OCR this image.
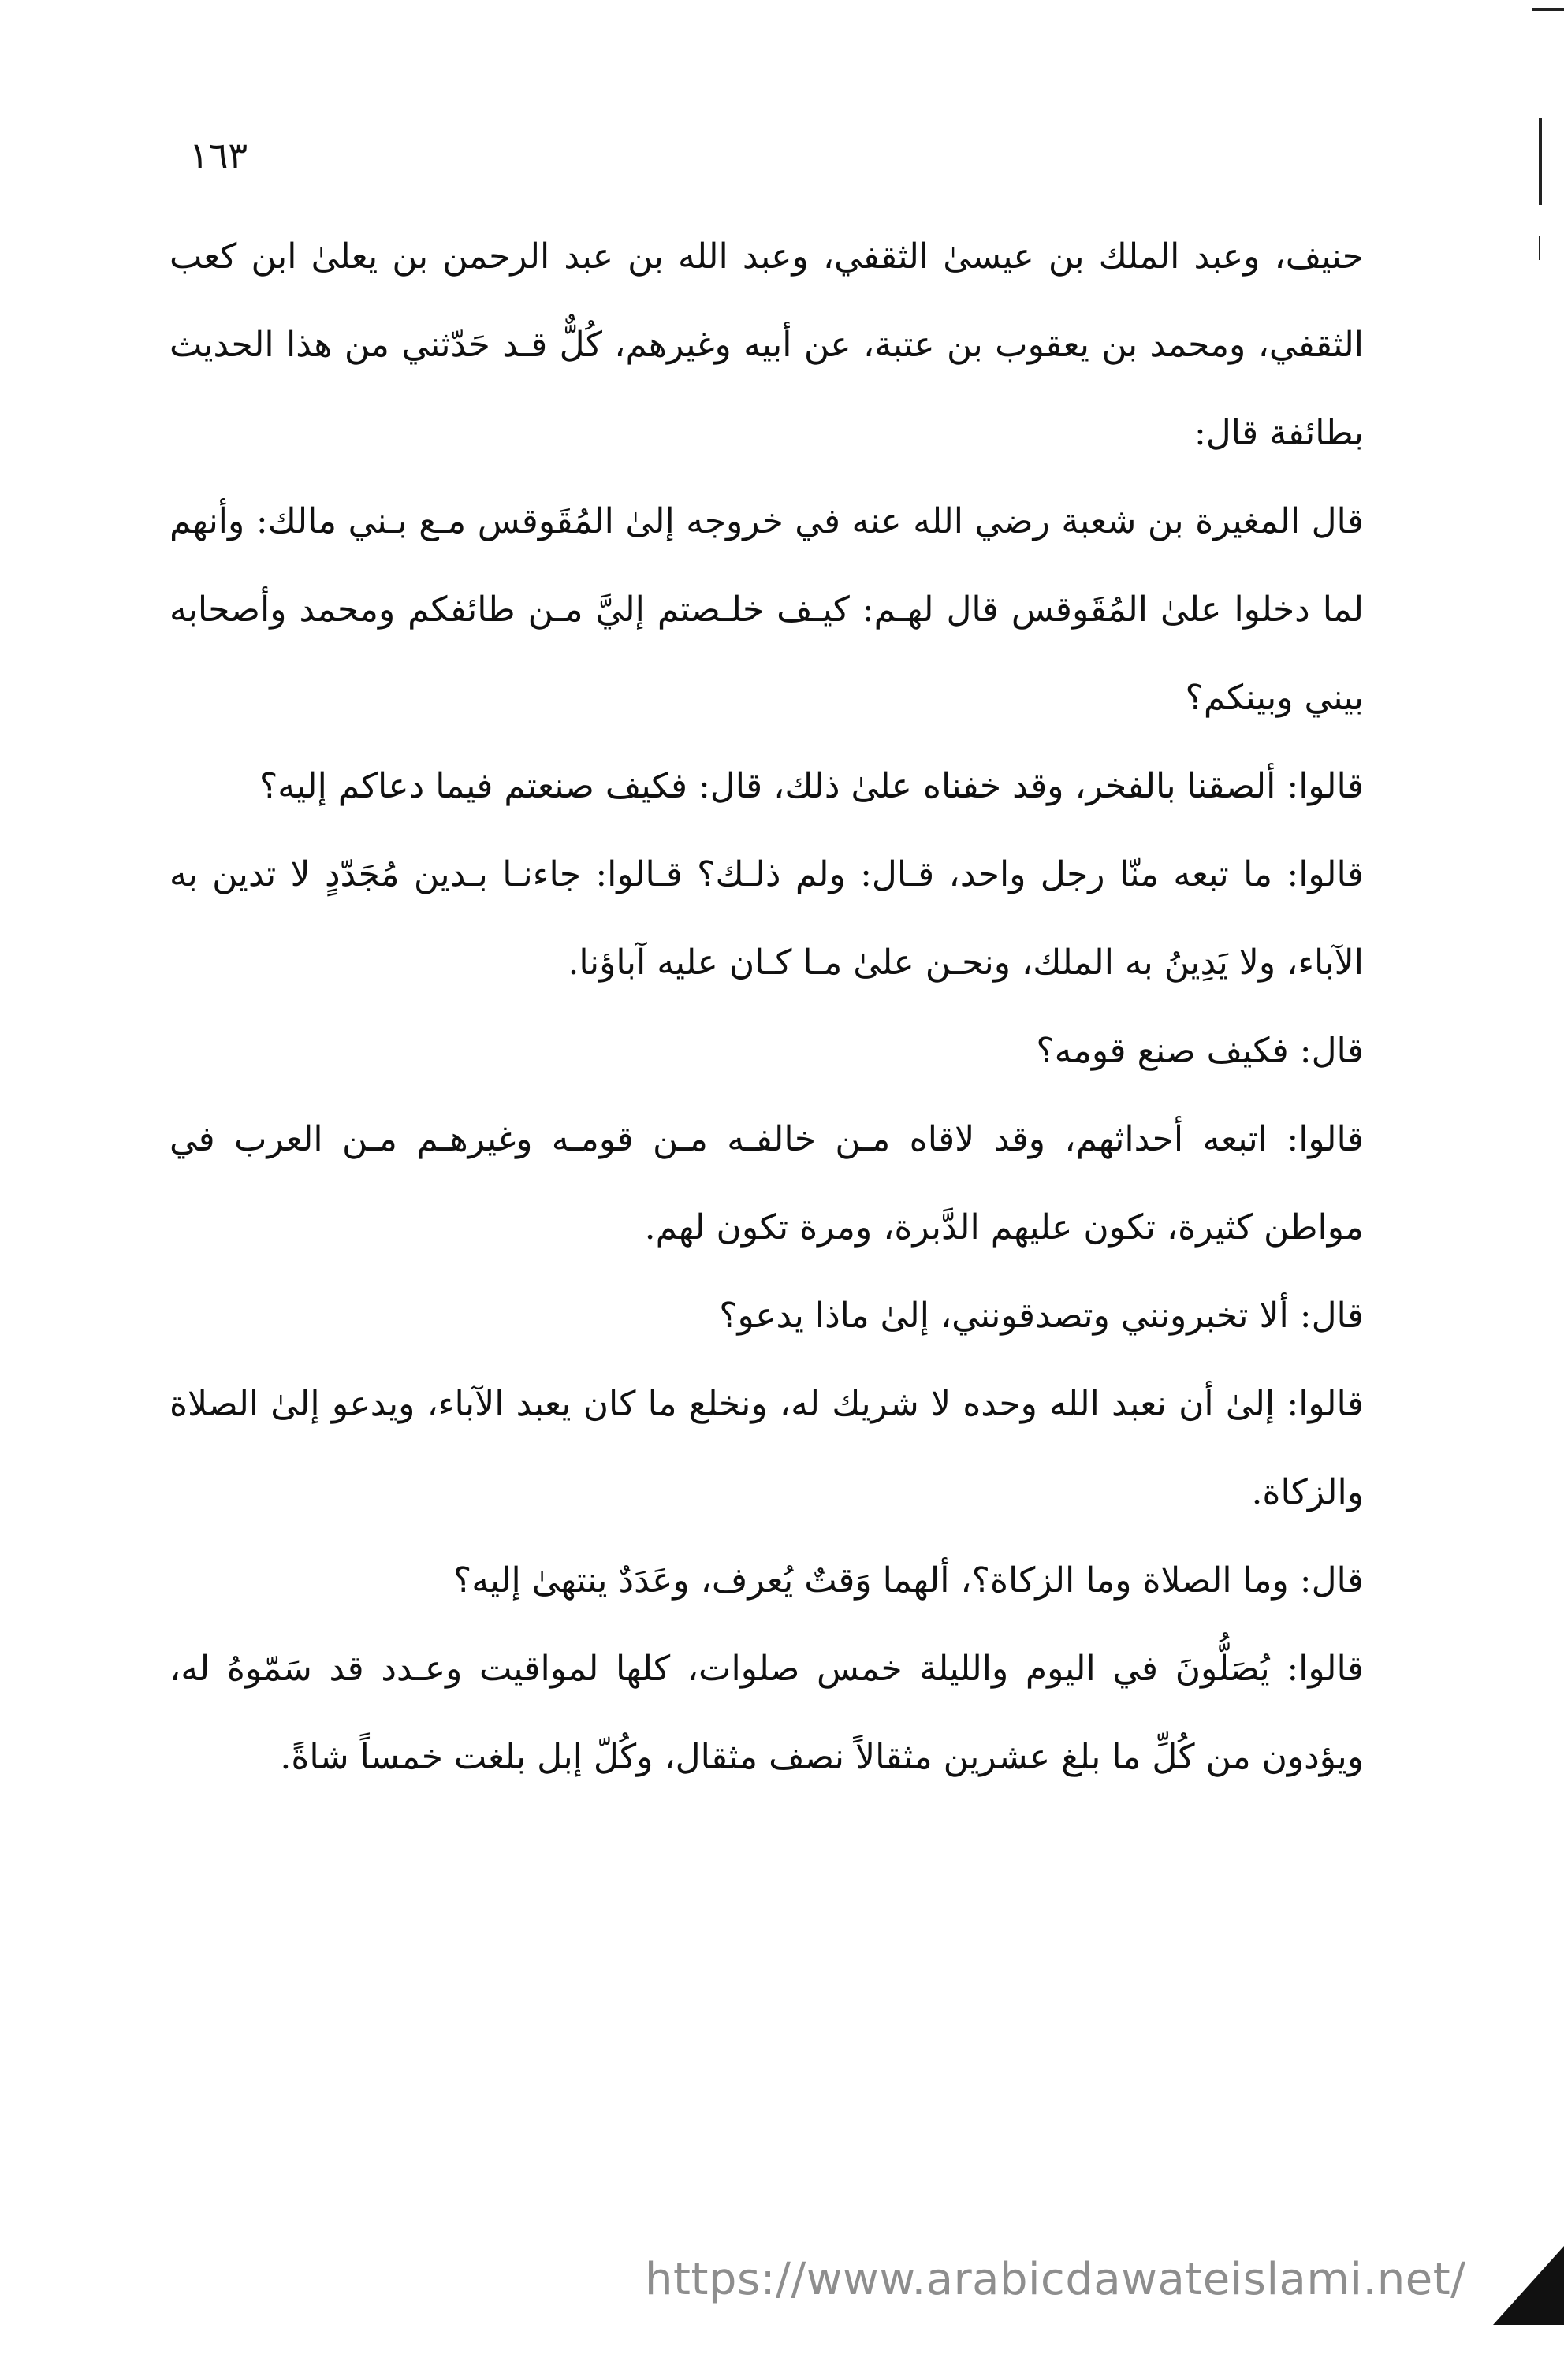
١٦٣

حنيف، وعبد الملك بن عيسىٰ الثقفي، وعبد الله بن عبد الرحمن بن يعلىٰ ابن كعب الثقفي، ومحمد بن يعقوب بن عتبة، عن أبيه وغيرهم، كُلٌّ قـد حَدّثني من هذا الحديث بطائفة قال:

قال المغيرة بن شعبة رضي الله عنه في خروجه إلىٰ المُقَوقس مـع بـني مالك: وأنهم لما دخلوا علىٰ المُقَوقس قال لهـم: كيـف خلـصتم إليَّ مـن طائفكم ومحمد وأصحابه بيني وبينكم؟

قالوا: ألصقنا بالفخر، وقد خفناه علىٰ ذلك، قال: فكيف صنعتم فيما دعاكم إليه؟

قالوا: ما تبعه منّا رجل واحد، قـال: ولم ذلـك؟ قـالوا: جاءنـا بـدين مُجَدّدٍ لا تدين به الآباء، ولا يَدِينُ به الملك، ونحـن علىٰ مـا كـان عليه آباؤنا.

قال: فكيف صنع قومه؟

قالوا: اتبعه أحداثهم، وقد لاقاه مـن خالفـه مـن قومـه وغيرهـم مـن العرب في مواطن كثيرة، تكون عليهم الدَّبرة، ومرة تكون لهم.

قال: ألا تخبرونني وتصدقونني، إلىٰ ماذا يدعو؟

قالوا: إلىٰ أن نعبد الله وحده لا شريك له، ونخلع ما كان يعبد الآباء، ويدعو إلىٰ الصلاة والزكاة.

قال: وما الصلاة وما الزكاة؟، ألهما وَقتٌ يُعرف، وعَدَدٌ ينتهىٰ إليه؟

قالوا: يُصَلُّونَ في اليوم والليلة خمس صلوات، كلها لمواقيت وعـدد قد سَمّوهُ له، ويؤدون من كُلِّ ما بلغ عشرين مثقالاً نصف مثقال، وكُلّ إبل بلغت خمساً شاةً.

https://www.arabicdawateislami.net/
